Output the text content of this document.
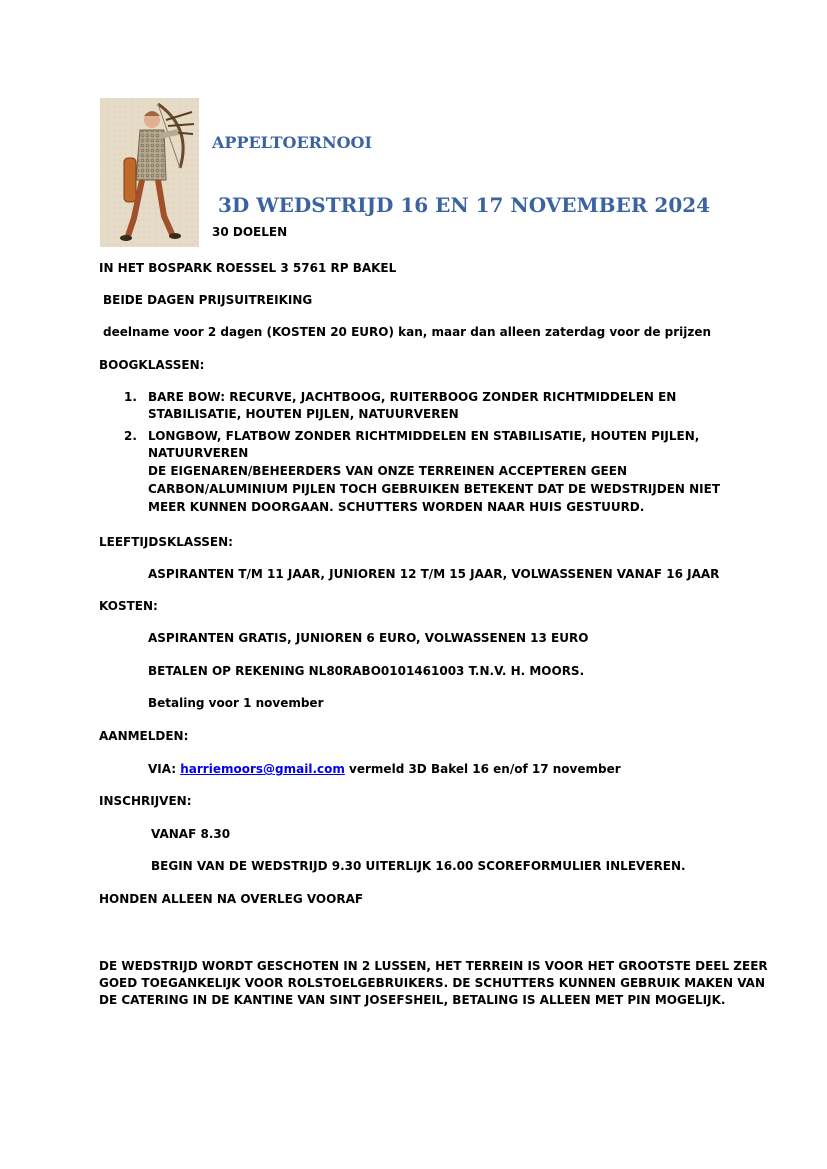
APPELTOERNOOI
3D WEDSTRIJD 16 EN 17 NOVEMBER 2024
30 DOELEN
IN HET BOSPARK ROESSEL 3 5761 RP BAKEL
BEIDE DAGEN PRIJSUITREIKING
deelname voor 2 dagen (KOSTEN 20 EURO) kan, maar dan alleen zaterdag voor de prijzen
BOOGKLASSEN:
1. BARE BOW: RECURVE, JACHTBOOG, RUITERBOOG ZONDER RICHTMIDDELEN EN
STABILISATIE, HOUTEN PIJLEN, NATUURVEREN
2. LONGBOW, FLATBOW ZONDER RICHTMIDDELEN EN STABILISATIE, HOUTEN PIJLEN,
NATUURVEREN
DE EIGENAREN/BEHEERDERS VAN ONZE TERREINEN ACCEPTEREN GEEN
CARBON/ALUMINIUM PIJLEN TOCH GEBRUIKEN BETEKENT DAT DE WEDSTRIJDEN NIET
MEER KUNNEN DOORGAAN. SCHUTTERS WORDEN NAAR HUIS GESTUURD.
LEEFTIJDSKLASSEN:
ASPIRANTEN T/M 11 JAAR, JUNIOREN 12 T/M 15 JAAR, VOLWASSENEN VANAF 16 JAAR
KOSTEN:
ASPIRANTEN GRATIS, JUNIOREN 6 EURO, VOLWASSENEN 13 EURO
BETALEN OP REKENING NL80RABO0101461003 T.N.V. H. MOORS.
Betaling voor 1 november
AANMELDEN:
VIA: harriemoors@gmail.com vermeld 3D Bakel 16 en/of 17 november
INSCHRIJVEN:
VANAF 8.30
BEGIN VAN DE WEDSTRIJD 9.30 UITERLIJK 16.00 SCOREFORMULIER INLEVEREN.
HONDEN ALLEEN NA OVERLEG VOORAF
DE WEDSTRIJD WORDT GESCHOTEN IN 2 LUSSEN, HET TERREIN IS VOOR HET GROOTSTE DEEL ZEER
GOED TOEGANKELIJK VOOR ROLSTOELGEBRUIKERS. DE SCHUTTERS KUNNEN GEBRUIK MAKEN VAN
DE CATERING IN DE KANTINE VAN SINT JOSEFSHEIL, BETALING IS ALLEEN MET PIN MOGELIJK.
